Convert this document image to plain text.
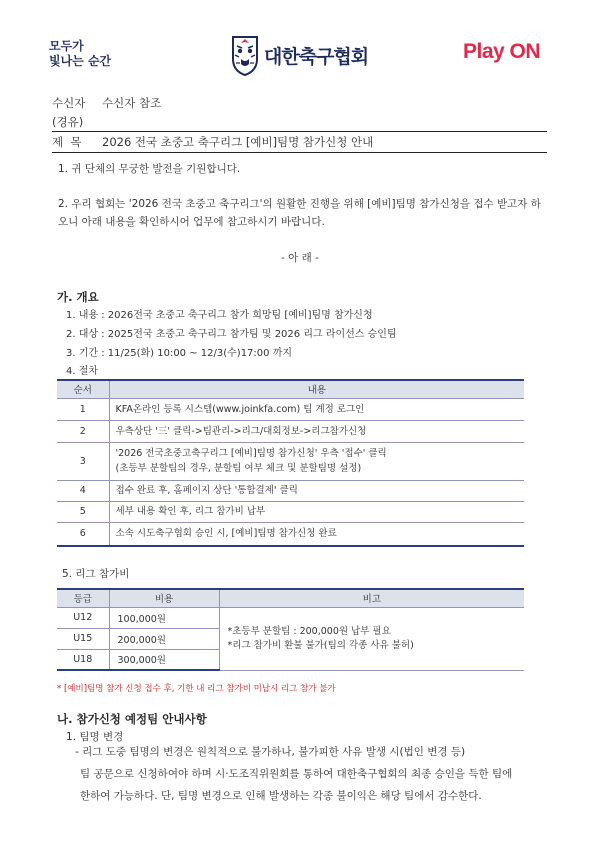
모두가
빛나는 순간	대한축구협회	Play ON
수신자 수신자 참조
(경유)
제  목 2026 전국 초중고 축구리그 [예비]팀명 참가신청 안내
1. 귀 단체의 무궁한 발전을 기원합니다.
2. 우리 협회는 '2026 전국 초중고 축구리그'의 원활한 진행을 위해 [예비]팀명 참가신청을 접수 받고자 하오니 아래 내용을 확인하시어 업무에 참고하시기 바랍니다.
- 아 래 -
가. 개요
1. 내용 : 2026전국 초중고 축구리그 참가 희망팀 [예비]팀명 참가신청
2. 대상 : 2025전국 초중고 축구리그 참가팀 및 2026 리그 라이선스 승인팀
3. 기간 : 11/25(화) 10:00 ~ 12/3(수)17:00 까지
4. 절차
순서	내용
1	KFA온라인 등록 시스템(www.joinkfa.com) 팀 계정 로그인
2	우측상단 '三' 클릭->팀관리->리그/대회정보->리그참가신청
3	'2026 전국초중고축구리그 [예비]팀명 참가신청' 우측 '접수' 클릭
(초등부 분할팀의 경우, 분할팀 여부 체크 및 분할팀명 설정)

4	접수 완료 후, 홈페이지 상단 '통합결제' 클릭
5	세부 내용 확인 후, 리그 참가비 납부
6	소속 시도축구협회 승인 시, [예비]팀명 참가신청 완료
5. 리그 참가비
등급	비용	비고
U12	100,000원	*초등부 분할팀 : 200,000원 납부 필요
*리그 참가비 환불 불가(팀의 각종 사유 불허)

U15	200,000원	
U18	300,000원	
* [예비]팀명 참가 신청 접수 후, 기한 내 리그 참가비 미납시 리그 참가 불가
나. 참가신청 예정팀 안내사항
1. 팀명 변경
- 리그 도중 팀명의 변경은 원칙적으로 불가하나, 불가피한 사유 발생 시(법인 변경 등)
팀 공문으로 신청하여야 하며 시·도조직위원회를 통하여 대한축구협회의 최종 승인을 득한 팀에
한하여 가능하다. 단, 팀명 변경으로 인해 발생하는 각종 불이익은 해당 팀에서 감수한다.
